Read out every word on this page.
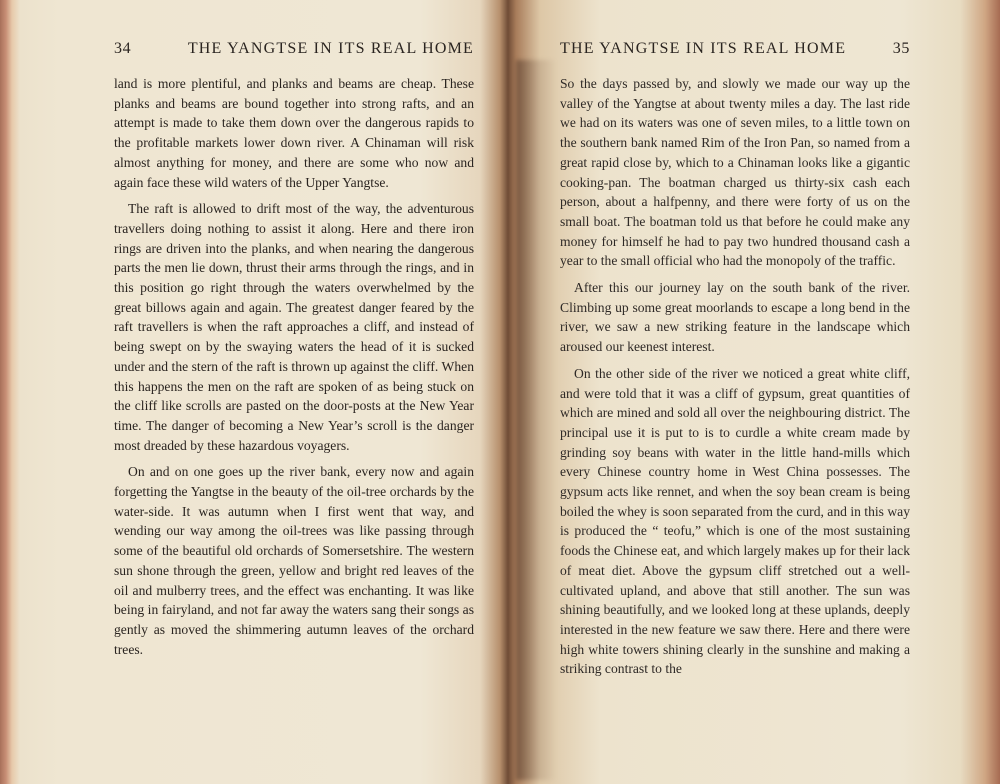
34	THE YANGTSE IN ITS REAL HOME

land is more plentiful, and planks and beams are cheap. These planks and beams are bound together into strong rafts, and an attempt is made to take them down over the dangerous rapids to the profitable markets lower down river. A Chinaman will risk almost anything for money, and there are some who now and again face these wild waters of the Upper Yangtse.

The raft is allowed to drift most of the way, the adventurous travellers doing nothing to assist it along. Here and there iron rings are driven into the planks, and when nearing the dangerous parts the men lie down, thrust their arms through the rings, and in this position go right through the waters overwhelmed by the great billows again and again. The greatest danger feared by the raft travellers is when the raft approaches a cliff, and instead of being swept on by the swaying waters the head of it is sucked under and the stern of the raft is thrown up against the cliff. When this happens the men on the raft are spoken of as being stuck on the cliff like scrolls are pasted on the door-posts at the New Year time. The danger of becoming a New Year’s scroll is the danger most dreaded by these hazardous voyagers.

On and on one goes up the river bank, every now and again forgetting the Yangtse in the beauty of the oil-tree orchards by the water-side. It was autumn when I first went that way, and wending our way among the oil-trees was like passing through some of the beautiful old orchards of Somersetshire. The western sun shone through the green, yellow and bright red leaves of the oil and mulberry trees, and the effect was enchanting. It was like being in fairyland, and not far away the waters sang their songs as gently as moved the shimmering autumn leaves of the orchard trees.

THE YANGTSE IN ITS REAL HOME	35

So the days passed by, and slowly we made our way up the valley of the Yangtse at about twenty miles a day. The last ride we had on its waters was one of seven miles, to a little town on the southern bank named Rim of the Iron Pan, so named from a great rapid close by, which to a Chinaman looks like a gigantic cooking-pan. The boatman charged us thirty-six cash each person, about a halfpenny, and there were forty of us on the small boat. The boatman told us that before he could make any money for himself he had to pay two hundred thousand cash a year to the small official who had the monopoly of the traffic.

After this our journey lay on the south bank of the river. Climbing up some great moorlands to escape a long bend in the river, we saw a new striking feature in the landscape which aroused our keenest interest.

On the other side of the river we noticed a great white cliff, and were told that it was a cliff of gypsum, great quantities of which are mined and sold all over the neighbouring district. The principal use it is put to is to curdle a white cream made by grinding soy beans with water in the little hand-mills which every Chinese country home in West China possesses. The gypsum acts like rennet, and when the soy bean cream is being boiled the whey is soon separated from the curd, and in this way is produced the “ teofu,” which is one of the most sustaining foods the Chinese eat, and which largely makes up for their lack of meat diet. Above the gypsum cliff stretched out a well-cultivated upland, and above that still another. The sun was shining beautifully, and we looked long at these uplands, deeply interested in the new feature we saw there. Here and there were high white towers shining clearly in the sunshine and making a striking contrast to the
